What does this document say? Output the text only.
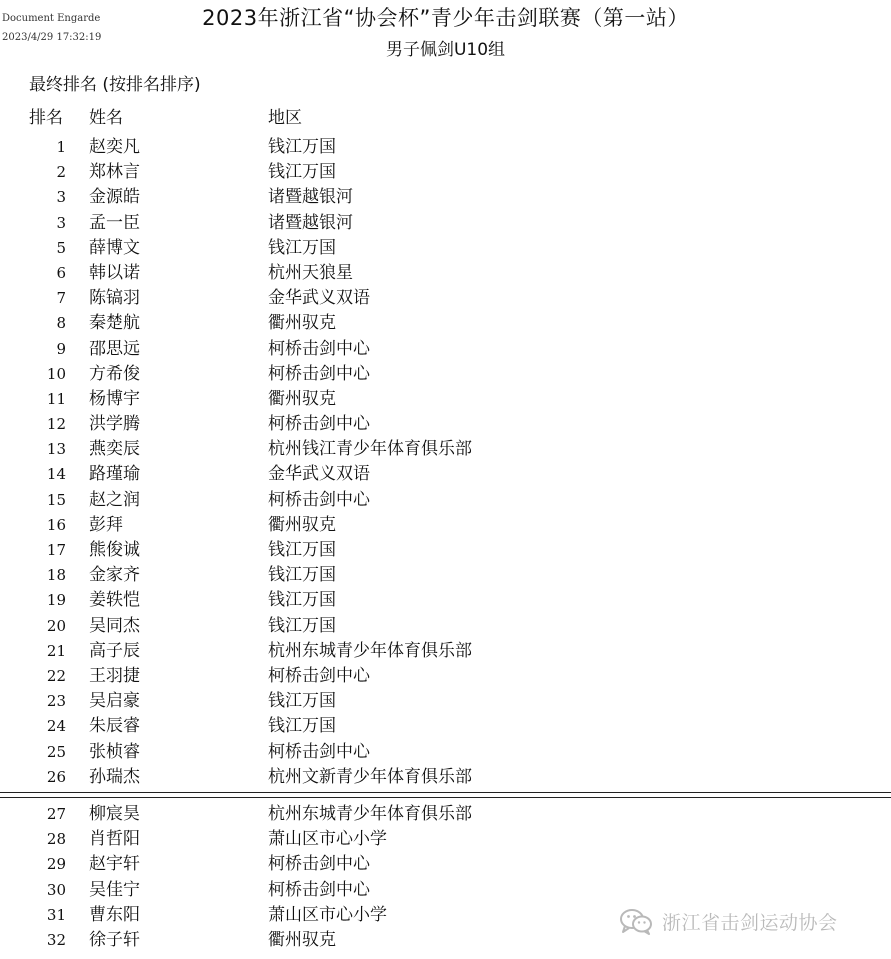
Document Engarde
2023/4/29 17:32:19
2023年浙江省“协会杯”青少年击剑联赛（第一站）
男子佩剑U10组
最终排名 (按排名排序)
排名 姓名	地区
1 赵奕凡	钱江万国
2 郑林言	钱江万国
3 金源皓	诸暨越银河
3 孟一臣	诸暨越银河
5 薛博文	钱江万国
6 韩以诺	杭州天狼星
7 陈镐羽	金华武义双语
8 秦楚航	衢州驭克
9 邵思远	柯桥击剑中心
10 方希俊	柯桥击剑中心
11 杨博宇	衢州驭克
12 洪学腾	柯桥击剑中心
13 燕奕辰	杭州钱江青少年体育俱乐部
14 路瑾瑜	金华武义双语
15 赵之润	柯桥击剑中心
16 彭拜	衢州驭克
17 熊俊诚	钱江万国
18 金家齐	钱江万国
19 姜轶恺	钱江万国
20 吴同杰	钱江万国
21 高子辰	杭州东城青少年体育俱乐部
22 王羽捷	柯桥击剑中心
23 吴启豪	钱江万国
24 朱辰睿	钱江万国
25 张桢睿	柯桥击剑中心
26 孙瑞杰	杭州文新青少年体育俱乐部
27 柳宸昊	杭州东城青少年体育俱乐部
28 肖哲阳	萧山区市心小学
29 赵宇轩	柯桥击剑中心
30 吴佳宁	柯桥击剑中心
31 曹东阳	萧山区市心小学
32 徐子轩	衢州驭克
浙江省击剑运动协会
